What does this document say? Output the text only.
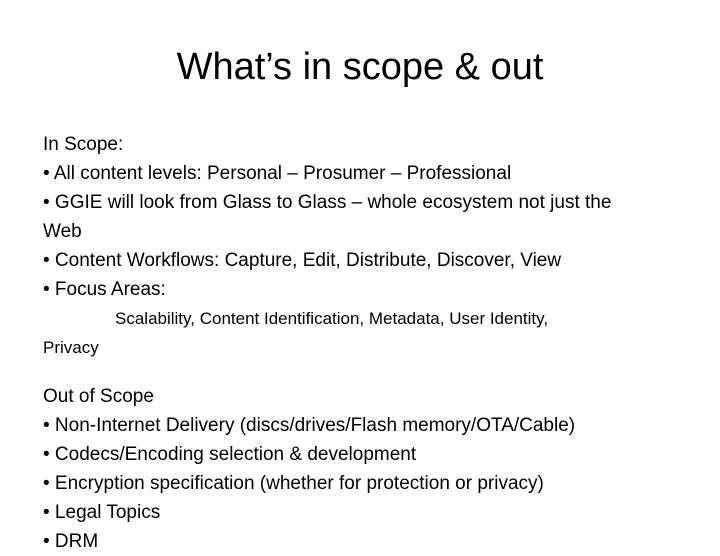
What’s in scope & out
In Scope:
• All content levels: Personal – Prosumer – Professional
• GGIE will look from Glass to Glass – whole ecosystem not just the
Web
• Content Workflows: Capture, Edit, Distribute, Discover, View
• Focus Areas:
Scalability, Content Identification, Metadata, User Identity,
Privacy
Out of Scope
• Non-Internet Delivery (discs/drives/Flash memory/OTA/Cable)
• Codecs/Encoding selection & development
• Encryption specification (whether for protection or privacy)
• Legal Topics
• DRM
